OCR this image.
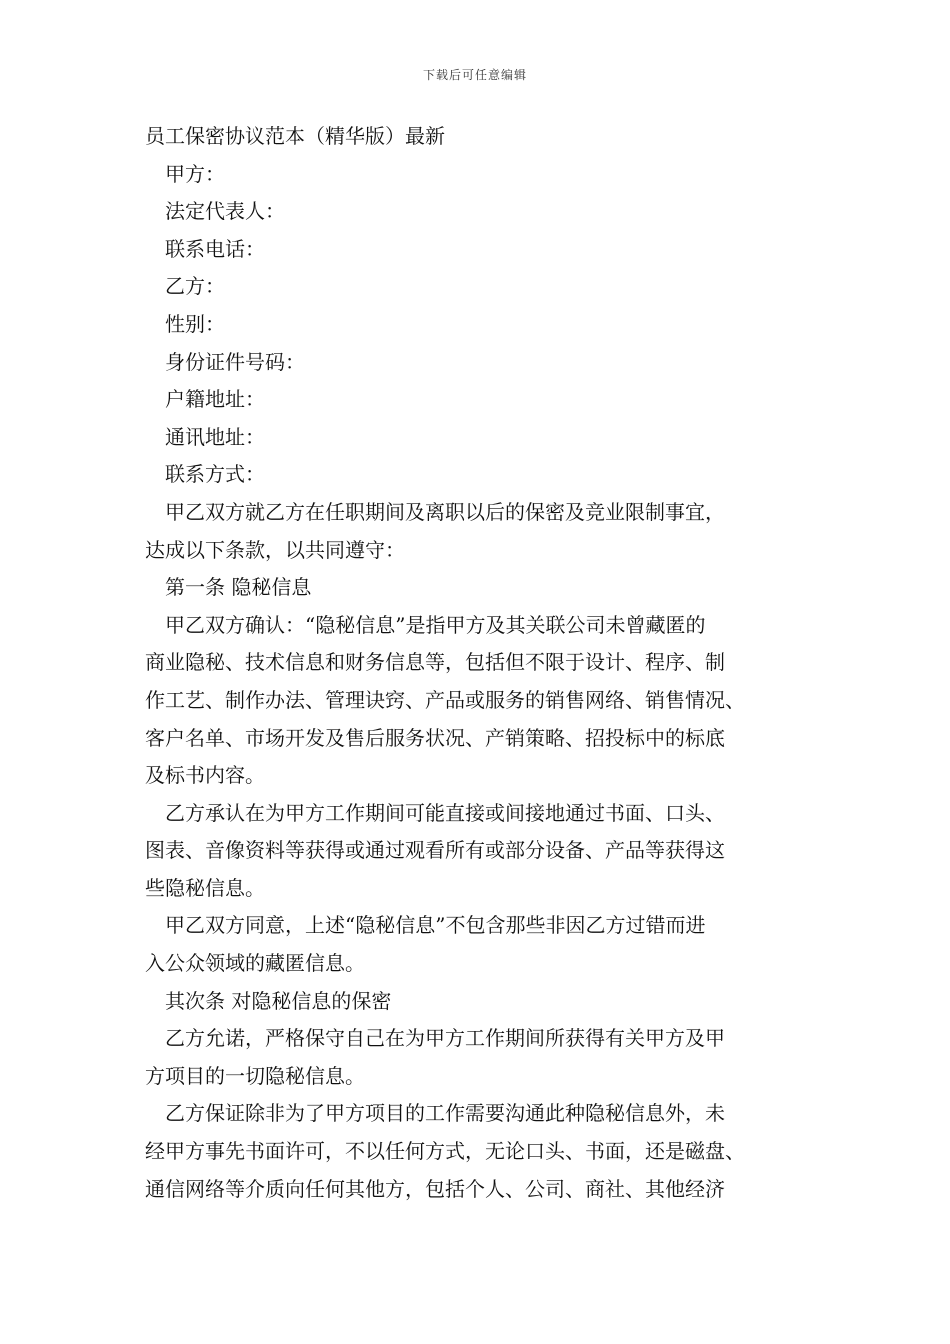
下载后可任意编辑

员工保密协议范本（精华版）最新

甲方：

法定代表人：

联系电话：

乙方：

性别：

身份证件号码：

户籍地址：

通讯地址：

联系方式：

甲乙双方就乙方在任职期间及离职以后的保密及竞业限制事宜，

达成以下条款，以共同遵守：

第一条 隐秘信息

甲乙双方确认：“隐秘信息”是指甲方及其关联公司未曾藏匿的

商业隐秘、技术信息和财务信息等，包括但不限于设计、程序、制

作工艺、制作办法、管理诀窍、产品或服务的销售网络、销售情况、

客户名单、市场开发及售后服务状况、产销策略、招投标中的标底

及标书内容。

乙方承认在为甲方工作期间可能直接或间接地通过书面、口头、

图表、音像资料等获得或通过观看所有或部分设备、产品等获得这

些隐秘信息。

甲乙双方同意，上述“隐秘信息”不包含那些非因乙方过错而进

入公众领域的藏匿信息。

其次条 对隐秘信息的保密

乙方允诺，严格保守自己在为甲方工作期间所获得有关甲方及甲

方项目的一切隐秘信息。

乙方保证除非为了甲方项目的工作需要沟通此种隐秘信息外，未

经甲方事先书面许可，不以任何方式，无论口头、书面，还是磁盘、

通信网络等介质向任何其他方，包括个人、公司、商社、其他经济
